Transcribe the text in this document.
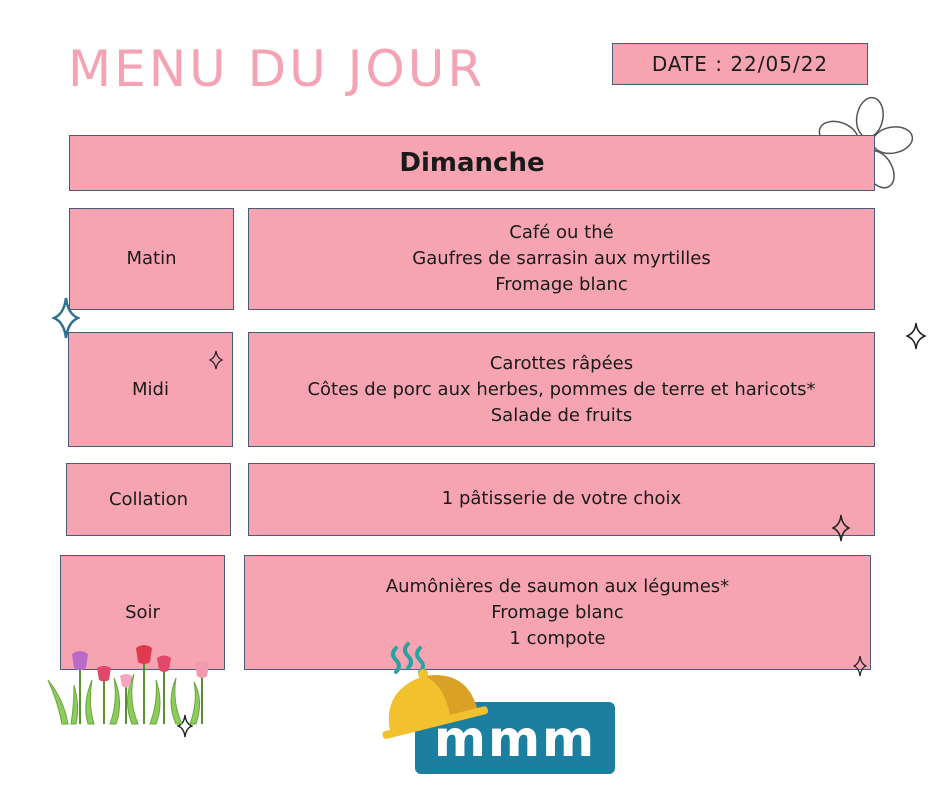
MENU DU JOUR	DATE : 22/05/22
Dimanche
Matin
Café ou thé
Gaufres de sarrasin aux myrtilles
Fromage blanc
Midi
Carottes râpées
Côtes de porc aux herbes, pommes de terre et haricots*
Salade de fruits
Collation	1 pâtisserie de votre choix
Soir
Aumônières de saumon aux légumes*
Fromage blanc
1 compote
mmm
